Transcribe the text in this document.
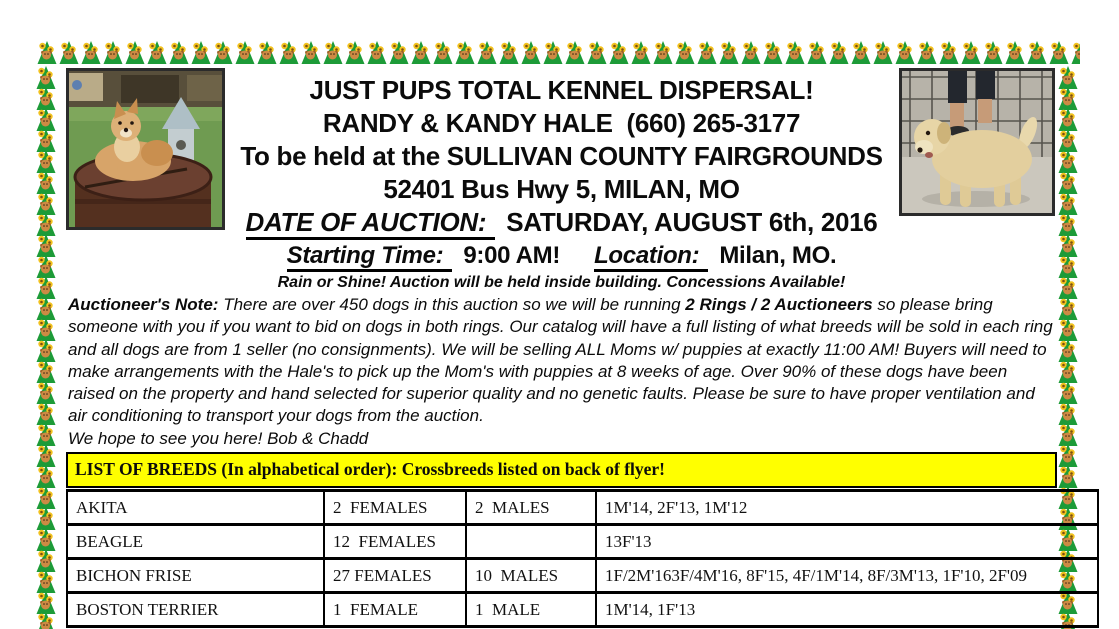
JUST PUPS TOTAL KENNEL DISPERSAL!
RANDY & KANDY HALE  (660) 265-3177
To be held at the SULLIVAN COUNTY FAIRGROUNDS
52401 Bus Hwy 5, MILAN, MO
DATE OF AUCTION: SATURDAY, AUGUST 6th, 2016
Starting Time: 9:00 AM! Location: Milan, MO.
Rain or Shine! Auction will be held inside building. Concessions Available!
Auctioneer's Note: There are over 450 dogs in this auction so we will be running 2 Rings / 2 Auctioneers so please bring someone with you if you want to bid on dogs in both rings. Our catalog will have a full listing of what breeds will be sold in each ring and all dogs are from 1 seller (no consignments). We will be selling ALL Moms w/ puppies at exactly 11:00 AM! Buyers will need to make arrangements with the Hale's to pick up the Mom's with puppies at 8 weeks of age. Over 90% of these dogs have been raised on the property and hand selected for superior quality and no genetic faults. Please be sure to have proper ventilation and air conditioning to transport your dogs from the auction.
We hope to see you here! Bob & Chadd
LIST OF BREEDS (In alphabetical order): Crossbreeds listed on back of flyer!
AKITA	2  FEMALES	2  MALES	1M'14, 2F'13, 1M'12
BEAGLE	12  FEMALES		13F'13
BICHON FRISE	27 FEMALES	10  MALES	1F/2M'163F/4M'16, 8F'15, 4F/1M'14, 8F/3M'13, 1F'10, 2F'09
BOSTON TERRIER	1  FEMALE	1  MALE	1M'14, 1F'13
